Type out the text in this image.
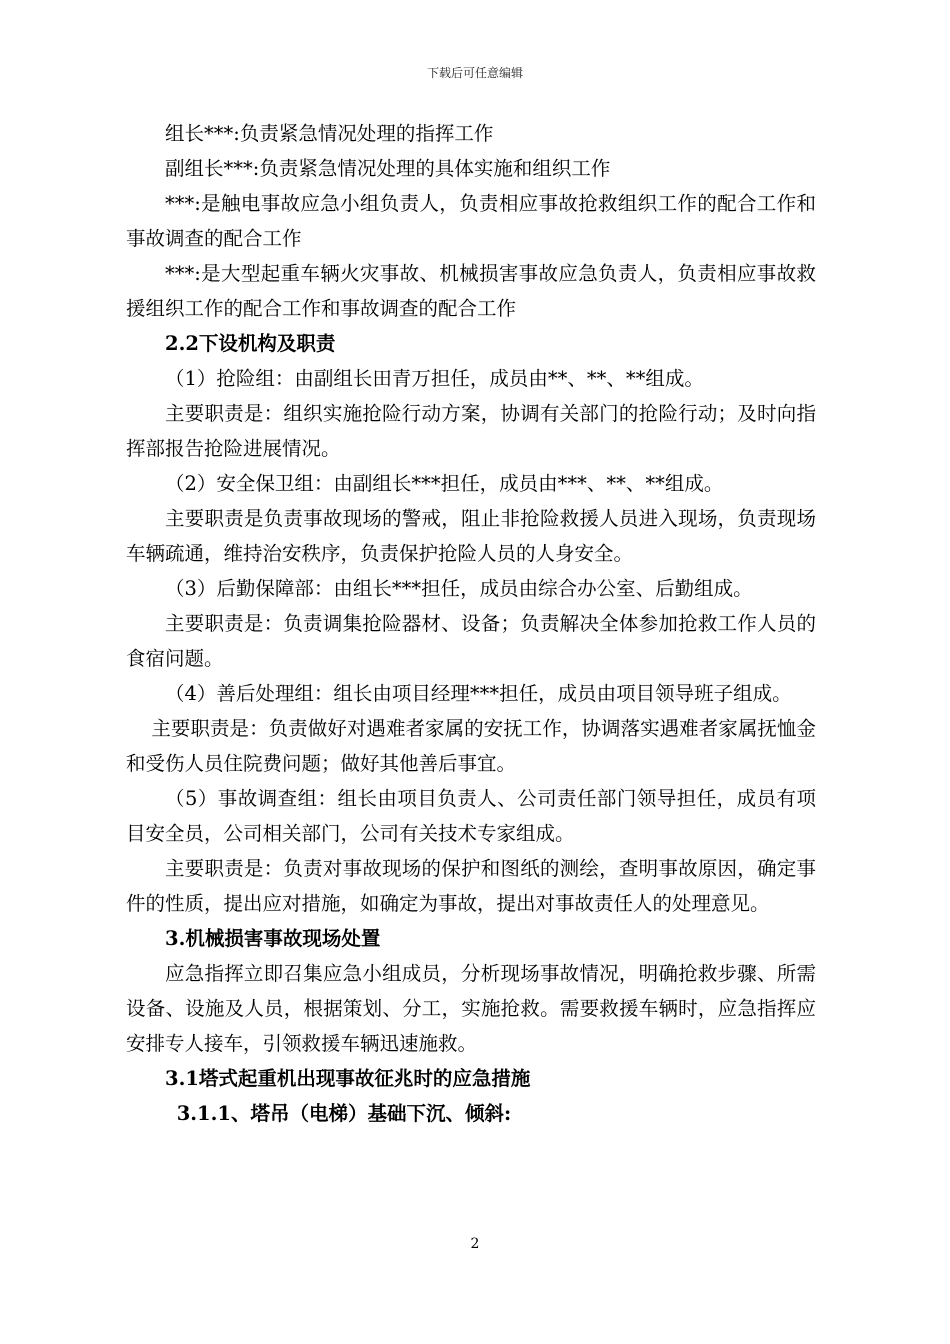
下载后可任意编辑

组长***:负责紧急情况处理的指挥工作

副组长***:负责紧急情况处理的具体实施和组织工作

***:是触电事故应急小组负责人，负责相应事故抢救组织工作的配合工作和事故调查的配合工作

***:是大型起重车辆火灾事故、机械损害事故应急负责人，负责相应事故救援组织工作的配合工作和事故调查的配合工作

2.2下设机构及职责

（1）抢险组：由副组长田青万担任，成员由**、**、**组成。

主要职责是：组织实施抢险行动方案，协调有关部门的抢险行动；及时向指挥部报告抢险进展情况。

（2）安全保卫组：由副组长***担任，成员由***、**、**组成。

主要职责是负责事故现场的警戒，阻止非抢险救援人员进入现场，负责现场车辆疏通，维持治安秩序，负责保护抢险人员的人身安全。

（3）后勤保障部：由组长***担任，成员由综合办公室、后勤组成。

主要职责是：负责调集抢险器材、设备；负责解决全体参加抢救工作人员的食宿问题。

（4）善后处理组：组长由项目经理***担任，成员由项目领导班子组成。

主要职责是：负责做好对遇难者家属的安抚工作，协调落实遇难者家属抚恤金和受伤人员住院费问题；做好其他善后事宜。

（5）事故调查组：组长由项目负责人、公司责任部门领导担任，成员有项目安全员，公司相关部门，公司有关技术专家组成。

主要职责是：负责对事故现场的保护和图纸的测绘，查明事故原因，确定事件的性质，提出应对措施，如确定为事故，提出对事故责任人的处理意见。

3.机械损害事故现场处置

应急指挥立即召集应急小组成员，分析现场事故情况，明确抢救步骤、所需设备、设施及人员，根据策划、分工，实施抢救。需要救援车辆时，应急指挥应安排专人接车，引领救援车辆迅速施救。

3.1塔式起重机出现事故征兆时的应急措施

3.1.1、塔吊（电梯）基础下沉、倾斜:

2
